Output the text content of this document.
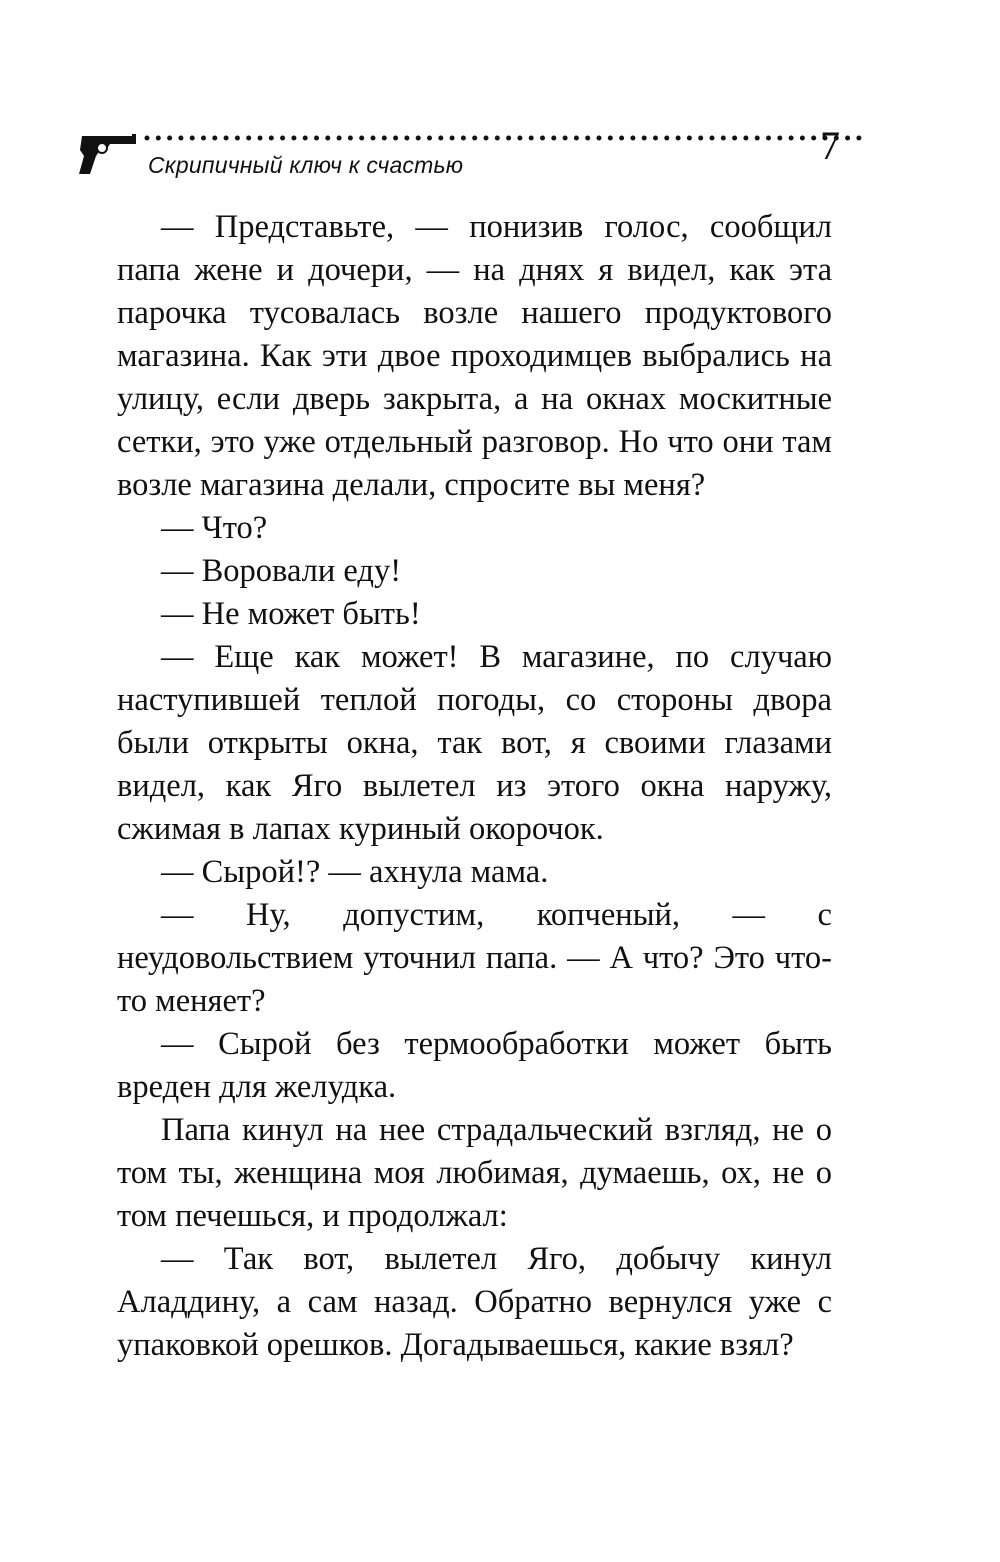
Скрипичный ключ к счастью	7

— Представьте, — понизив голос, сообщил папа жене и дочери, — на днях я видел, как эта парочка тусовалась возле нашего продуктового магазина. Как эти двое проходимцев выбрались на улицу, если дверь закрыта, а на окнах москитные сетки, это уже отдельный разговор. Но что они там возле магазина делали, спросите вы меня?

— Что?

— Воровали еду!

— Не может быть!

— Еще как может! В магазине, по случаю наступившей теплой погоды, со стороны двора были открыты окна, так вот, я своими глазами видел, как Яго вылетел из этого окна наружу, сжимая в лапах куриный окорочок.

— Сырой!? — ахнула мама.

— Ну, допустим, копченый, — с неудовольствием уточнил папа. — А что? Это что-то меняет?

— Сырой без термообработки может быть вреден для желудка.

Папа кинул на нее страдальческий взгляд, не о том ты, женщина моя любимая, думаешь, ох, не о том печешься, и продолжал:

— Так вот, вылетел Яго, добычу кинул Аладдину, а сам назад. Обратно вернулся уже с упаковкой орешков. Догадываешься, какие взял?
